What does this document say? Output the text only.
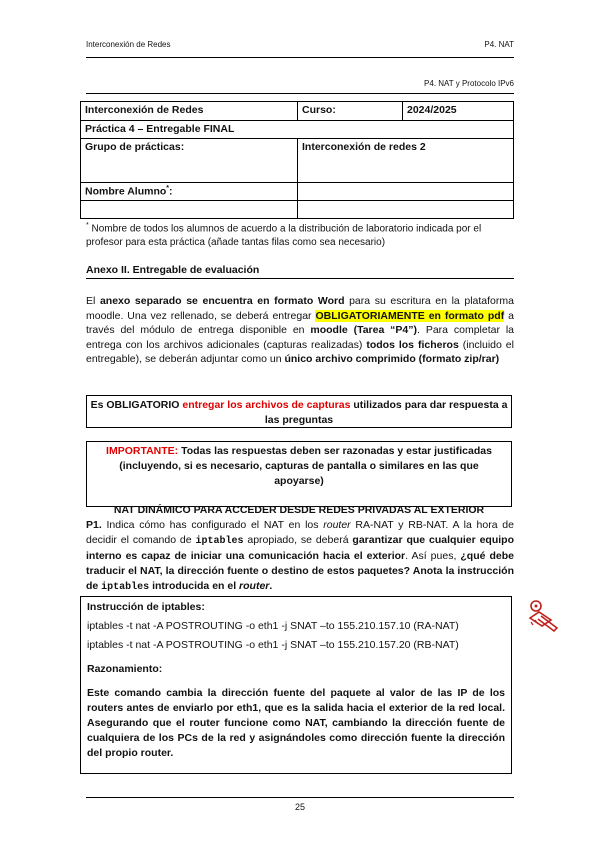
Interconexión de Redes	P4. NAT
P4. NAT y Protocolo IPv6
Interconexión de Redes	Curso:	2024/2025
Práctica 4 – Entregable FINAL		
Grupo de prácticas:	Interconexión de redes 2	
Nombre Alumno*:		

* Nombre de todos los alumnos de acuerdo a la distribución de laboratorio indicada por el profesor para esta práctica (añade tantas filas como sea necesario)
Anexo II. Entregable de evaluación
El anexo separado se encuentra en formato Word para su escritura en la plataforma moodle. Una vez rellenado, se deberá entregar OBLIGATORIAMENTE en formato pdf a través del módulo de entrega disponible en moodle (Tarea “P4”). Para completar la entrega con los archivos adicionales (capturas realizadas) todos los ficheros (incluido el entregable), se deberán adjuntar como un único archivo comprimido (formato zip/rar)
Es OBLIGATORIO entregar los archivos de capturas utilizados para dar respuesta a las preguntas
IMPORTANTE: Todas las respuestas deben ser razonadas y estar justificadas (incluyendo, si es necesario, capturas de pantalla o similares en las que apoyarse)
NAT DINÁMICO PARA ACCEDER DESDE REDES PRIVADAS AL EXTERIOR
P1. Indica cómo has configurado el NAT en los router RA-NAT y RB-NAT. A la hora de decidir el comando de iptables apropiado, se deberá garantizar que cualquier equipo interno es capaz de iniciar una comunicación hacia el exterior. Así pues, ¿qué debe traducir el NAT, la dirección fuente o destino de estos paquetes? Anota la instrucción de iptables introducida en el router.

Instrucción de iptables:

iptables -t nat -A POSTROUTING -o eth1 -j SNAT –to 155.210.157.10 (RA-NAT)

iptables -t nat -A POSTROUTING -o eth1 -j SNAT –to 155.210.157.20 (RB-NAT)

Razonamiento:

Este comando cambia la dirección fuente del paquete al valor de las IP de los routers antes de enviarlo por eth1, que es la salida hacia el exterior de la red local. Asegurando que el router funcione como NAT, cambiando la dirección fuente de cualquiera de los PCs de la red y asignándoles como dirección fuente la dirección del propio router.

25
